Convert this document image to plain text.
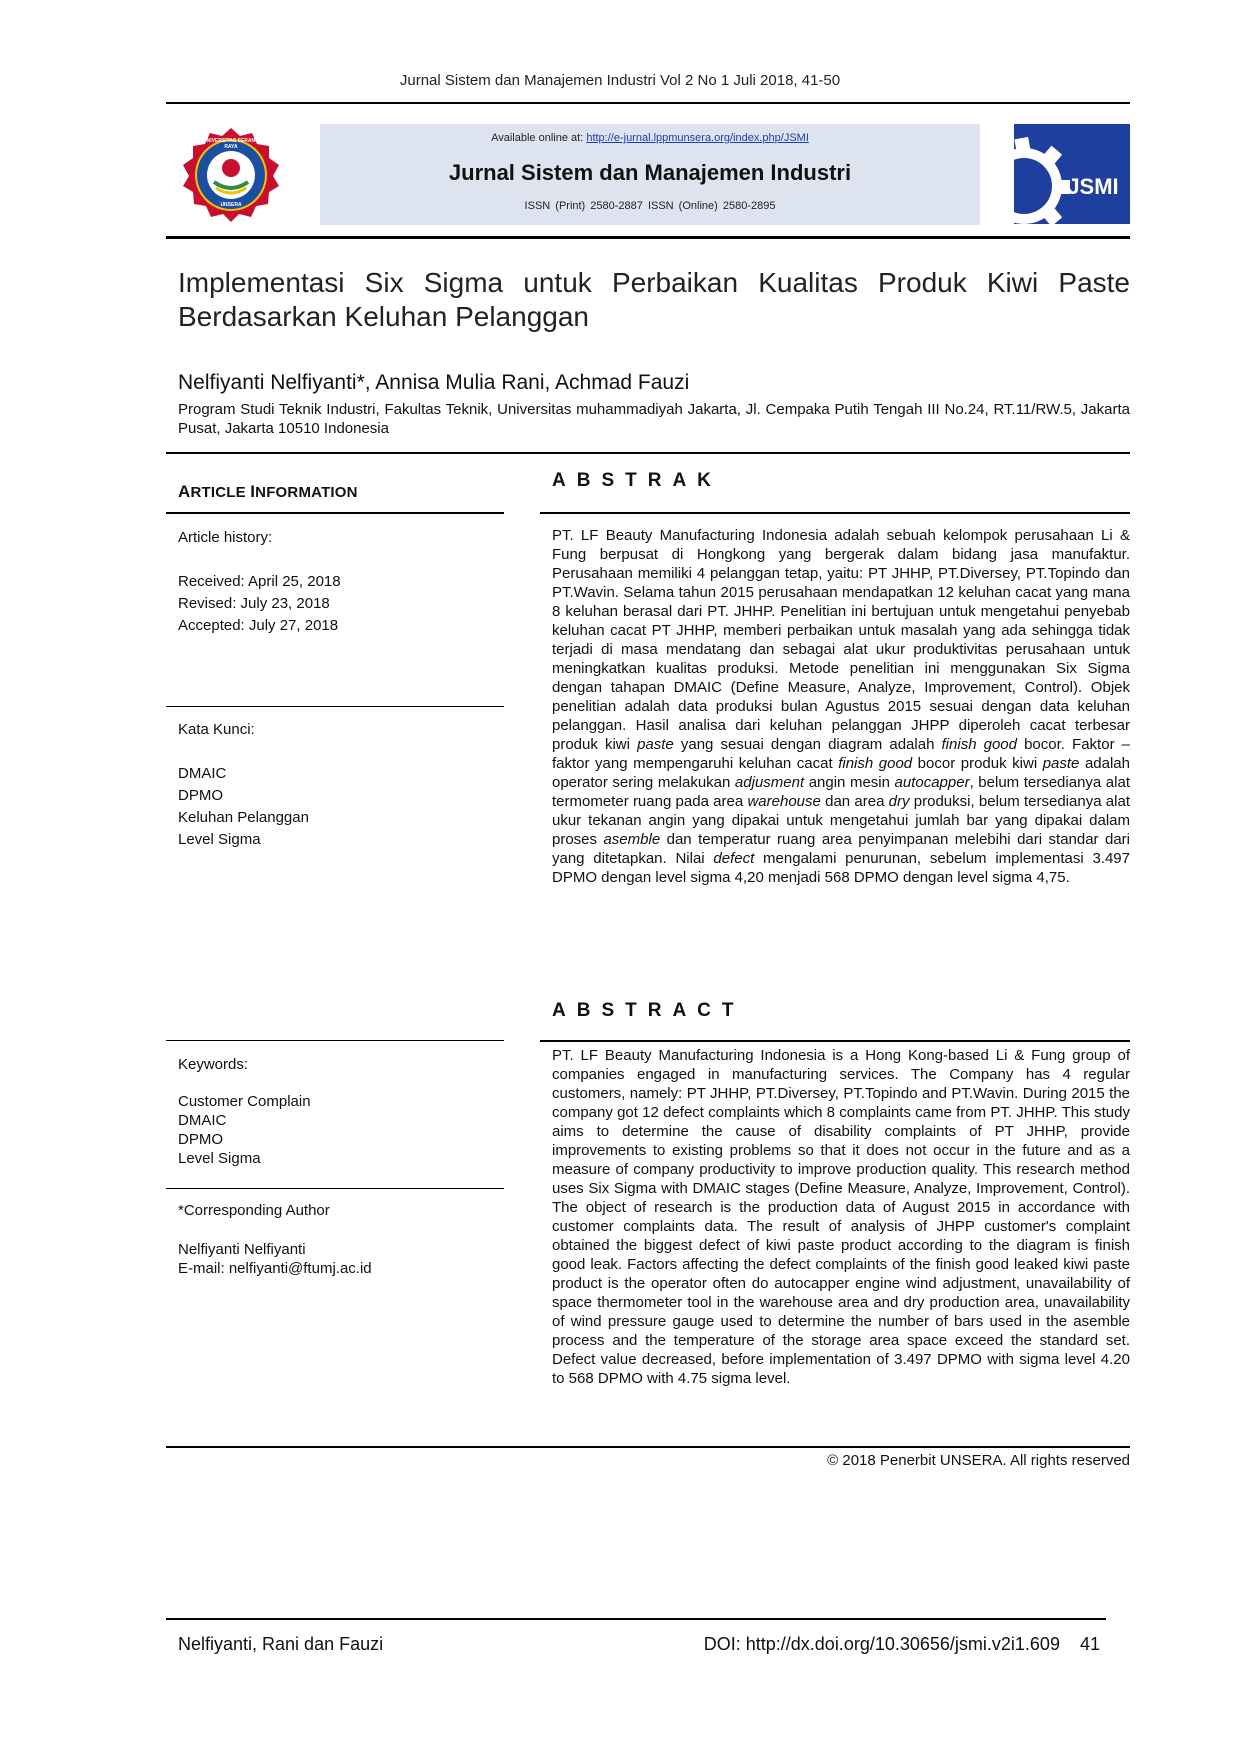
Jurnal Sistem dan Manajemen Industri Vol 2 No 1 Juli 2018, 41-50
UNIVERSITAS SERANG RAYA
UNSERA
Available online at: http://e-jurnal.lppmunsera.org/index.php/JSMI
Jurnal Sistem dan Manajemen Industri
ISSN (Print) 2580-2887 ISSN (Online) 2580-2895
JSMI
Implementasi Six Sigma untuk Perbaikan Kualitas Produk Kiwi Paste Berdasarkan Keluhan Pelanggan
Nelfiyanti Nelfiyanti*, Annisa Mulia Rani, Achmad Fauzi
Program Studi Teknik Industri, Fakultas Teknik, Universitas muhammadiyah Jakarta, Jl. Cempaka Putih Tengah III No.24, RT.11/RW.5, Jakarta Pusat, Jakarta 10510 Indonesia
ARTICLE INFORMATION
Article history:
Received: April 25, 2018
Revised: July 23, 2018
Accepted: July 27, 2018
Kata Kunci:
DMAIC
DPMO
Keluhan Pelanggan
Level Sigma
Keywords:
Customer Complain
DMAIC
DPMO
Level Sigma
*Corresponding Author
Nelfiyanti Nelfiyanti
E-mail: nelfiyanti@ftumj.ac.id
ABSTRAK
PT. LF Beauty Manufacturing Indonesia adalah sebuah kelompok perusahaan Li & Fung berpusat di Hongkong yang bergerak dalam bidang jasa manufaktur. Perusahaan memiliki 4 pelanggan tetap, yaitu: PT JHHP, PT.Diversey, PT.Topindo dan PT.Wavin. Selama tahun 2015 perusahaan mendapatkan 12 keluhan cacat yang mana 8 keluhan berasal dari PT. JHHP. Penelitian ini bertujuan untuk mengetahui penyebab keluhan cacat PT JHHP, memberi perbaikan untuk masalah yang ada sehingga tidak terjadi di masa mendatang dan sebagai alat ukur produktivitas perusahaan untuk meningkatkan kualitas produksi. Metode penelitian ini menggunakan Six Sigma dengan tahapan DMAIC (Define Measure, Analyze, Improvement, Control). Objek penelitian adalah data produksi bulan Agustus 2015 sesuai dengan data keluhan pelanggan. Hasil analisa dari keluhan pelanggan JHPP diperoleh cacat terbesar produk kiwi paste yang sesuai dengan diagram adalah finish good bocor. Faktor – faktor yang mempengaruhi keluhan cacat finish good bocor produk kiwi paste adalah operator sering melakukan adjusment angin mesin autocapper, belum tersedianya alat termometer ruang pada area warehouse dan area dry produksi, belum tersedianya alat ukur tekanan angin yang dipakai untuk mengetahui jumlah bar yang dipakai dalam proses asemble dan temperatur ruang area penyimpanan melebihi dari standar dari yang ditetapkan. Nilai defect mengalami penurunan, sebelum implementasi 3.497 DPMO dengan level sigma 4,20 menjadi 568 DPMO dengan level sigma 4,75.
ABSTRACT
PT. LF Beauty Manufacturing Indonesia is a Hong Kong-based Li & Fung group of companies engaged in manufacturing services. The Company has 4 regular customers, namely: PT JHHP, PT.Diversey, PT.Topindo and PT.Wavin. During 2015 the company got 12 defect complaints which 8 complaints came from PT. JHHP. This study aims to determine the cause of disability complaints of PT JHHP, provide improvements to existing problems so that it does not occur in the future and as a measure of company productivity to improve production quality. This research method uses Six Sigma with DMAIC stages (Define Measure, Analyze, Improvement, Control). The object of research is the production data of August 2015 in accordance with customer complaints data. The result of analysis of JHPP customer's complaint obtained the biggest defect of kiwi paste product according to the diagram is finish good leak. Factors affecting the defect complaints of the finish good leaked kiwi paste product is the operator often do autocapper engine wind adjustment, unavailability of space thermometer tool in the warehouse area and dry production area, unavailability of wind pressure gauge used to determine the number of bars used in the asemble process and the temperature of the storage area space exceed the standard set. Defect value decreased, before implementation of 3.497 DPMO with sigma level 4.20 to 568 DPMO with 4.75 sigma level.
© 2018 Penerbit UNSERA. All rights reserved
Nelfiyanti, Rani dan Fauzi	DOI: http://dx.doi.org/10.30656/jsmi.v2i1.609 41
